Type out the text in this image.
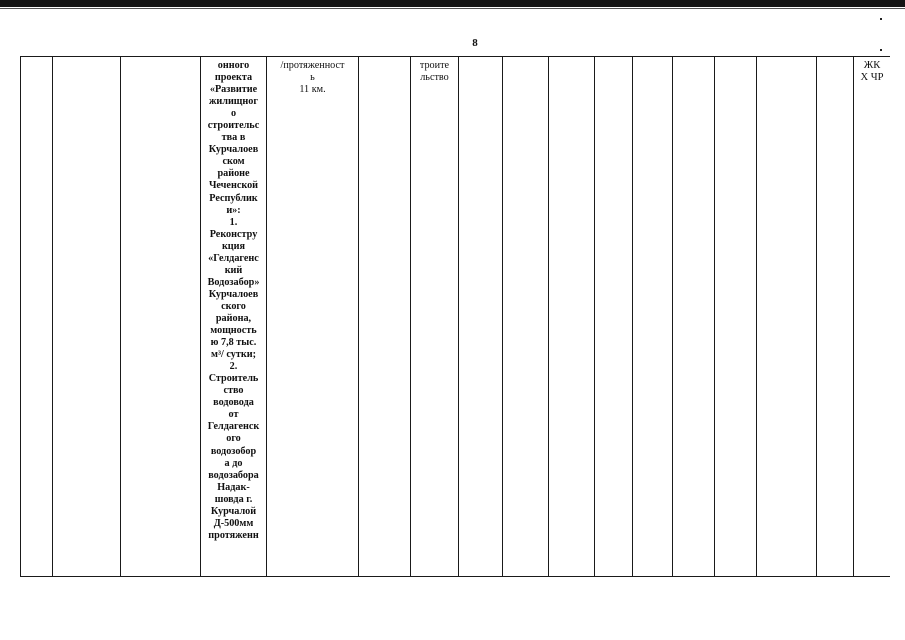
8

онного
проекта
«Развитие
жилищног
о
строительс
тва в
Курчалоев
ском
районе
Чеченской
Республик
и»:
1.
Реконстру
кция
«Гелдагенс
кий
Водозабор»
Курчалоев
ского
района,
мощность
ю 7,8 тыс.
м³/ сутки;
2.
Строитель
ство
водовода
от
Гелдагенск
ого
водозобор
а до
водозабора
Надак-
шовда г.
Курчалой
Д-500мм
протяженн

/протяженност
ь
11 км.

троите
льство

ЖК
Х ЧР
